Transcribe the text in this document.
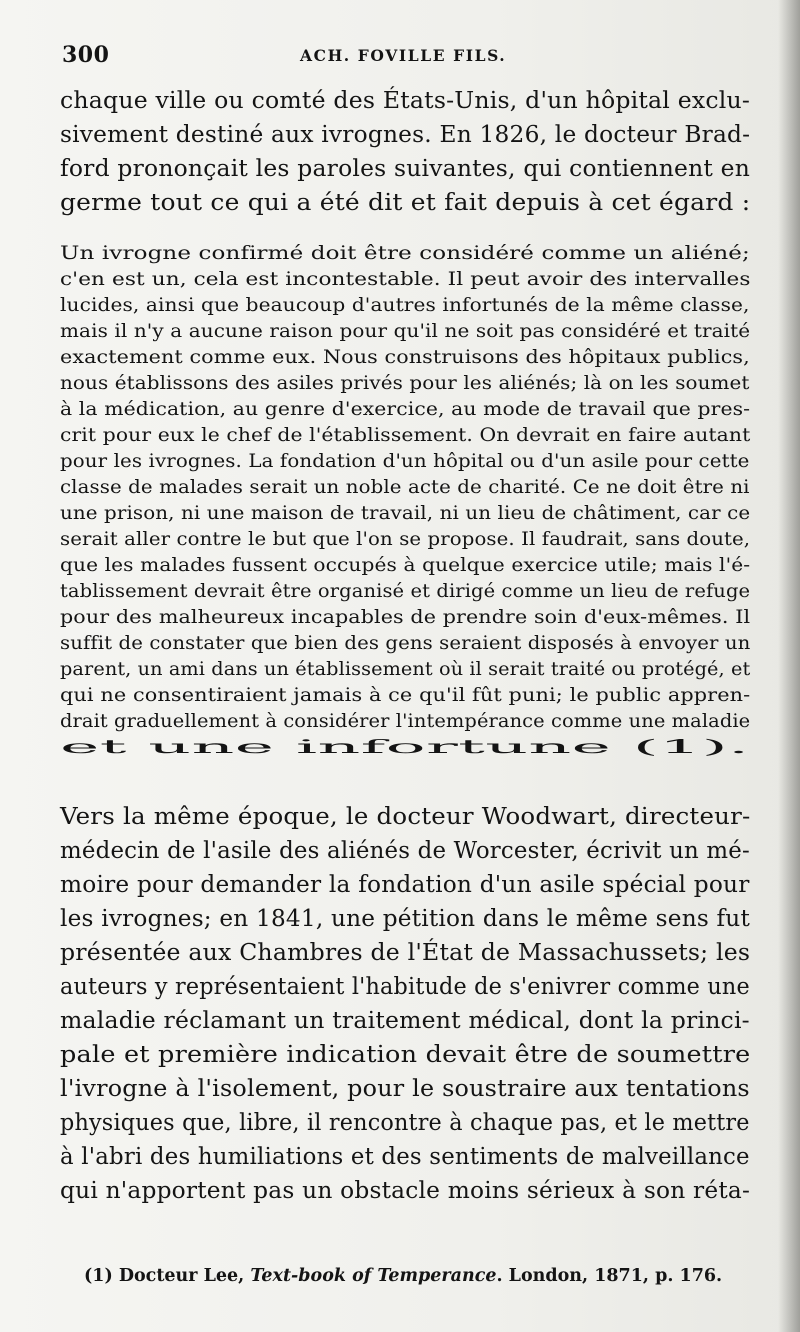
300	ACH. FOVILLE FILS.
chaque ville ou comté des États-Unis, d'un hôpital exclu-
sivement destiné aux ivrognes. En 1826, le docteur Brad-
ford prononçait les paroles suivantes, qui contiennent en
germe tout ce qui a été dit et fait depuis à cet égard :
Un ivrogne confirmé doit être considéré comme un aliéné;
c'en est un, cela est incontestable. Il peut avoir des intervalles
lucides, ainsi que beaucoup d'autres infortunés de la même classe,
mais il n'y a aucune raison pour qu'il ne soit pas considéré et traité
exactement comme eux. Nous construisons des hôpitaux publics,
nous établissons des asiles privés pour les aliénés; là on les soumet
à la médication, au genre d'exercice, au mode de travail que pres-
crit pour eux le chef de l'établissement. On devrait en faire autant
pour les ivrognes. La fondation d'un hôpital ou d'un asile pour cette
classe de malades serait un noble acte de charité. Ce ne doit être ni
une prison, ni une maison de travail, ni un lieu de châtiment, car ce
serait aller contre le but que l'on se propose. Il faudrait, sans doute,
que les malades fussent occupés à quelque exercice utile; mais l'é-
tablissement devrait être organisé et dirigé comme un lieu de refuge
pour des malheureux incapables de prendre soin d'eux-mêmes. Il
suffit de constater que bien des gens seraient disposés à envoyer un
parent, un ami dans un établissement où il serait traité ou protégé, et
qui ne consentiraient jamais à ce qu'il fût puni; le public appren-
drait graduellement à considérer l'intempérance comme une maladie
et une infortune (1).
Vers la même époque, le docteur Woodwart, directeur-
médecin de l'asile des aliénés de Worcester, écrivit un mé-
moire pour demander la fondation d'un asile spécial pour
les ivrognes; en 1841, une pétition dans le même sens fut
présentée aux Chambres de l'État de Massachussets; les
auteurs y représentaient l'habitude de s'enivrer comme une
maladie réclamant un traitement médical, dont la princi-
pale et première indication devait être de soumettre
l'ivrogne à l'isolement, pour le soustraire aux tentations
physiques que, libre, il rencontre à chaque pas, et le mettre
à l'abri des humiliations et des sentiments de malveillance
qui n'apportent pas un obstacle moins sérieux à son réta-
(1) Docteur Lee, Text-book of Temperance. London, 1871, p. 176.
